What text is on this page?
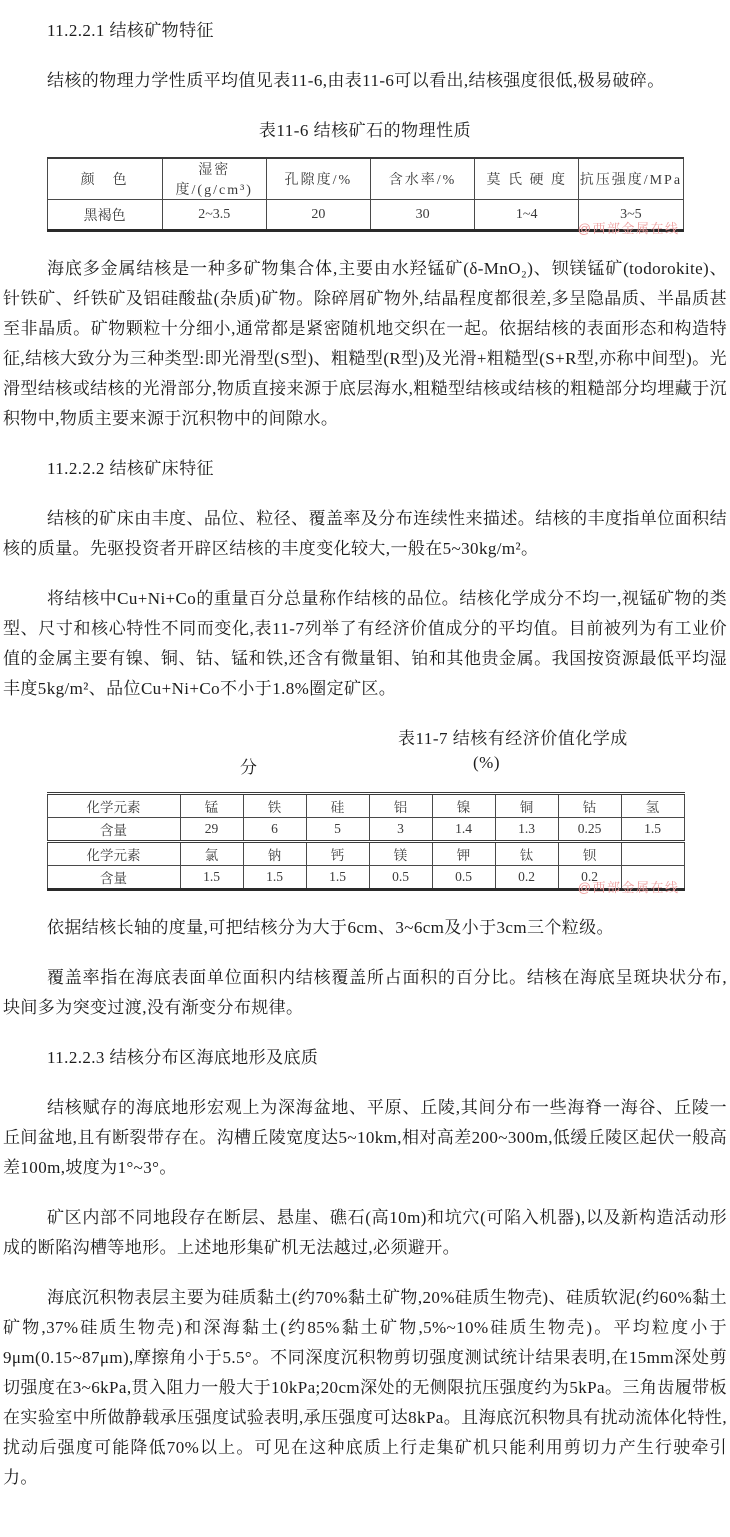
11.2.2.1 结核矿物特征

结核的物理力学性质平均值见表11-6,由表11-6可以看出,结核强度很低,极易破碎。

表11-6 结核矿石的物理性质
颜　色	湿密度/(g/cm³)	孔隙度/%	含水率/%	莫 氏 硬 度	抗压强度/MPa
黑褐色	2~3.5	20	30	1~4	3~5
@西部金属在线

海底多金属结核是一种多矿物集合体,主要由水羟锰矿(δ-MnO₂)、钡镁锰矿(todorokite)、针铁矿、纤铁矿及铝硅酸盐(杂质)矿物。除碎屑矿物外,结晶程度都很差,多呈隐晶质、半晶质甚至非晶质。矿物颗粒十分细小,通常都是紧密随机地交织在一起。依据结核的表面形态和构造特征,结核大致分为三种类型:即光滑型(S型)、粗糙型(R型)及光滑+粗糙型(S+R型,亦称中间型)。光滑型结核或结核的光滑部分,物质直接来源于底层海水,粗糙型结核或结核的粗糙部分均埋藏于沉积物中,物质主要来源于沉积物中的间隙水。

11.2.2.2 结核矿床特征

结核的矿床由丰度、品位、粒径、覆盖率及分布连续性来描述。结核的丰度指单位面积结核的质量。先驱投资者开辟区结核的丰度变化较大,一般在5~30kg/m²。

将结核中Cu+Ni+Co的重量百分总量称作结核的品位。结核化学成分不均一,视锰矿物的类型、尺寸和核心特性不同而变化,表11-7列举了有经济价值成分的平均值。目前被列为有工业价值的金属主要有镍、铜、钴、锰和铁,还含有微量钼、铂和其他贵金属。我国按资源最低平均湿丰度5kg/m²、品位Cu+Ni+Co不小于1.8%圈定矿区。

表11-7 结核有经济价值化学成
分	(%)
化学元素	锰	铁	硅	铝	镍	铜	钴	氢
含量	29	6	5	3	1.4	1.3	0.25	1.5
化学元素	氯	钠	钙	镁	钾	钛	钡	
含量	1.5	1.5	1.5	0.5	0.5	0.2	0.2	
@西部金属在线

依据结核长轴的度量,可把结核分为大于6cm、3~6cm及小于3cm三个粒级。

覆盖率指在海底表面单位面积内结核覆盖所占面积的百分比。结核在海底呈斑块状分布,块间多为突变过渡,没有渐变分布规律。

11.2.2.3 结核分布区海底地形及底质

结核赋存的海底地形宏观上为深海盆地、平原、丘陵,其间分布一些海脊一海谷、丘陵一丘间盆地,且有断裂带存在。沟槽丘陵宽度达5~10km,相对高差200~300m,低缓丘陵区起伏一般高差100m,坡度为1°~3°。

矿区内部不同地段存在断层、悬崖、礁石(高10m)和坑穴(可陷入机器),以及新构造活动形成的断陷沟槽等地形。上述地形集矿机无法越过,必须避开。

海底沉积物表层主要为硅质黏土(约70%黏土矿物,20%硅质生物壳)、硅质软泥(约60%黏土矿物,37%硅质生物壳)和深海黏土(约85%黏土矿物,5%~10%硅质生物壳)。平均粒度小于9μm(0.15~87μm),摩擦角小于5.5°。不同深度沉积物剪切强度测试统计结果表明,在15mm深处剪切强度在3~6kPa,贯入阻力一般大于10kPa;20cm深处的无侧限抗压强度约为5kPa。三角齿履带板在实验室中所做静载承压强度试验表明,承压强度可达8kPa。且海底沉积物具有扰动流体化特性,扰动后强度可能降低70%以上。可见在这种底质上行走集矿机只能利用剪切力产生行驶牵引力。
